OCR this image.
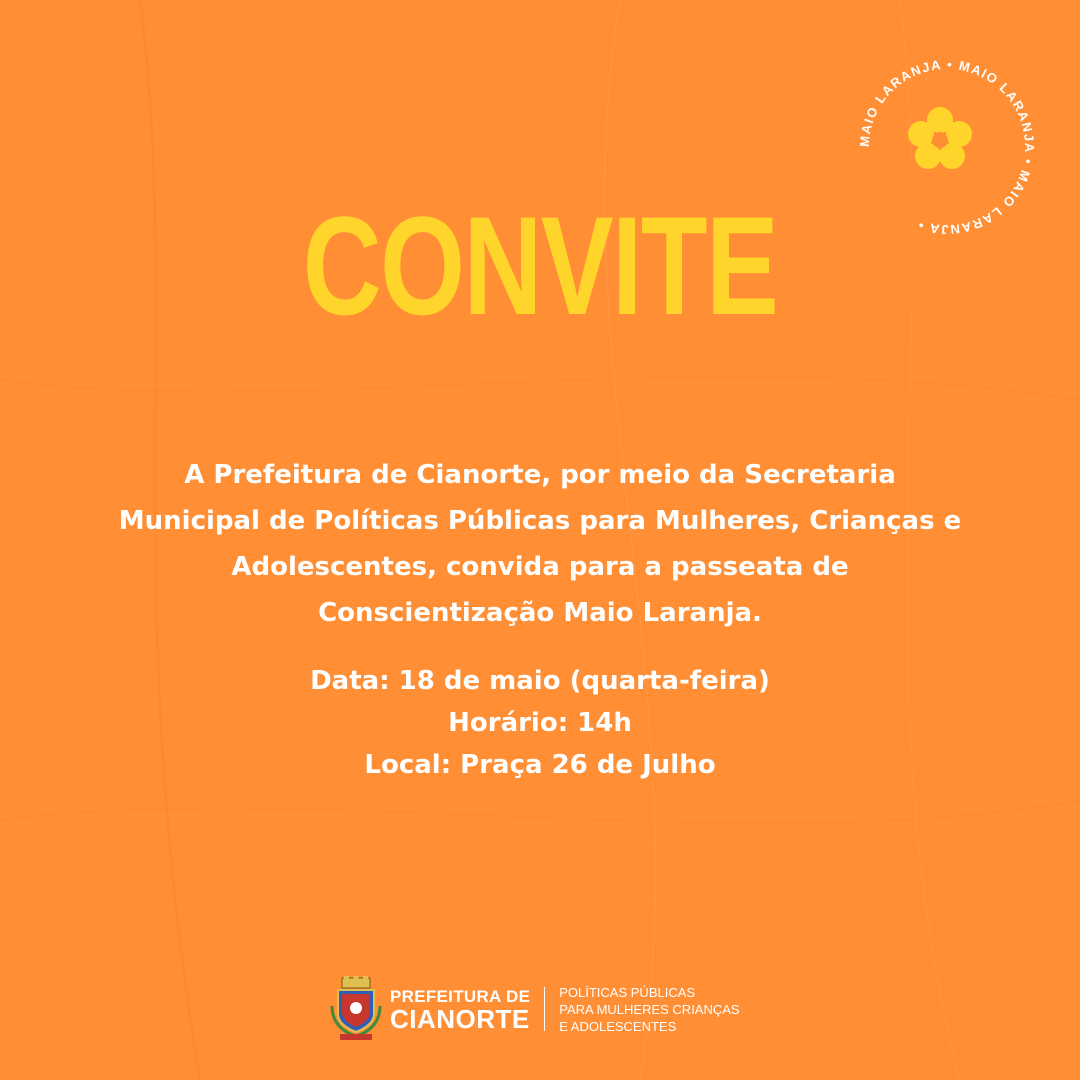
MAIO LARANJA • MAIO LARANJA • MAIO LARANJA •
CONVITE

A Prefeitura de Cianorte, por meio da Secretaria

Municipal de Políticas Públicas para Mulheres, Crianças e

Adolescentes, convida para a passeata de

Conscientização Maio Laranja.

Data: 18 de maio (quarta-feira)
Horário: 14h
Local: Praça 26 de Julho
PREFEITURA DE
CIANORTE
POLÍTICAS PÚBLICAS
PARA MULHERES CRIANÇAS
E ADOLESCENTES
